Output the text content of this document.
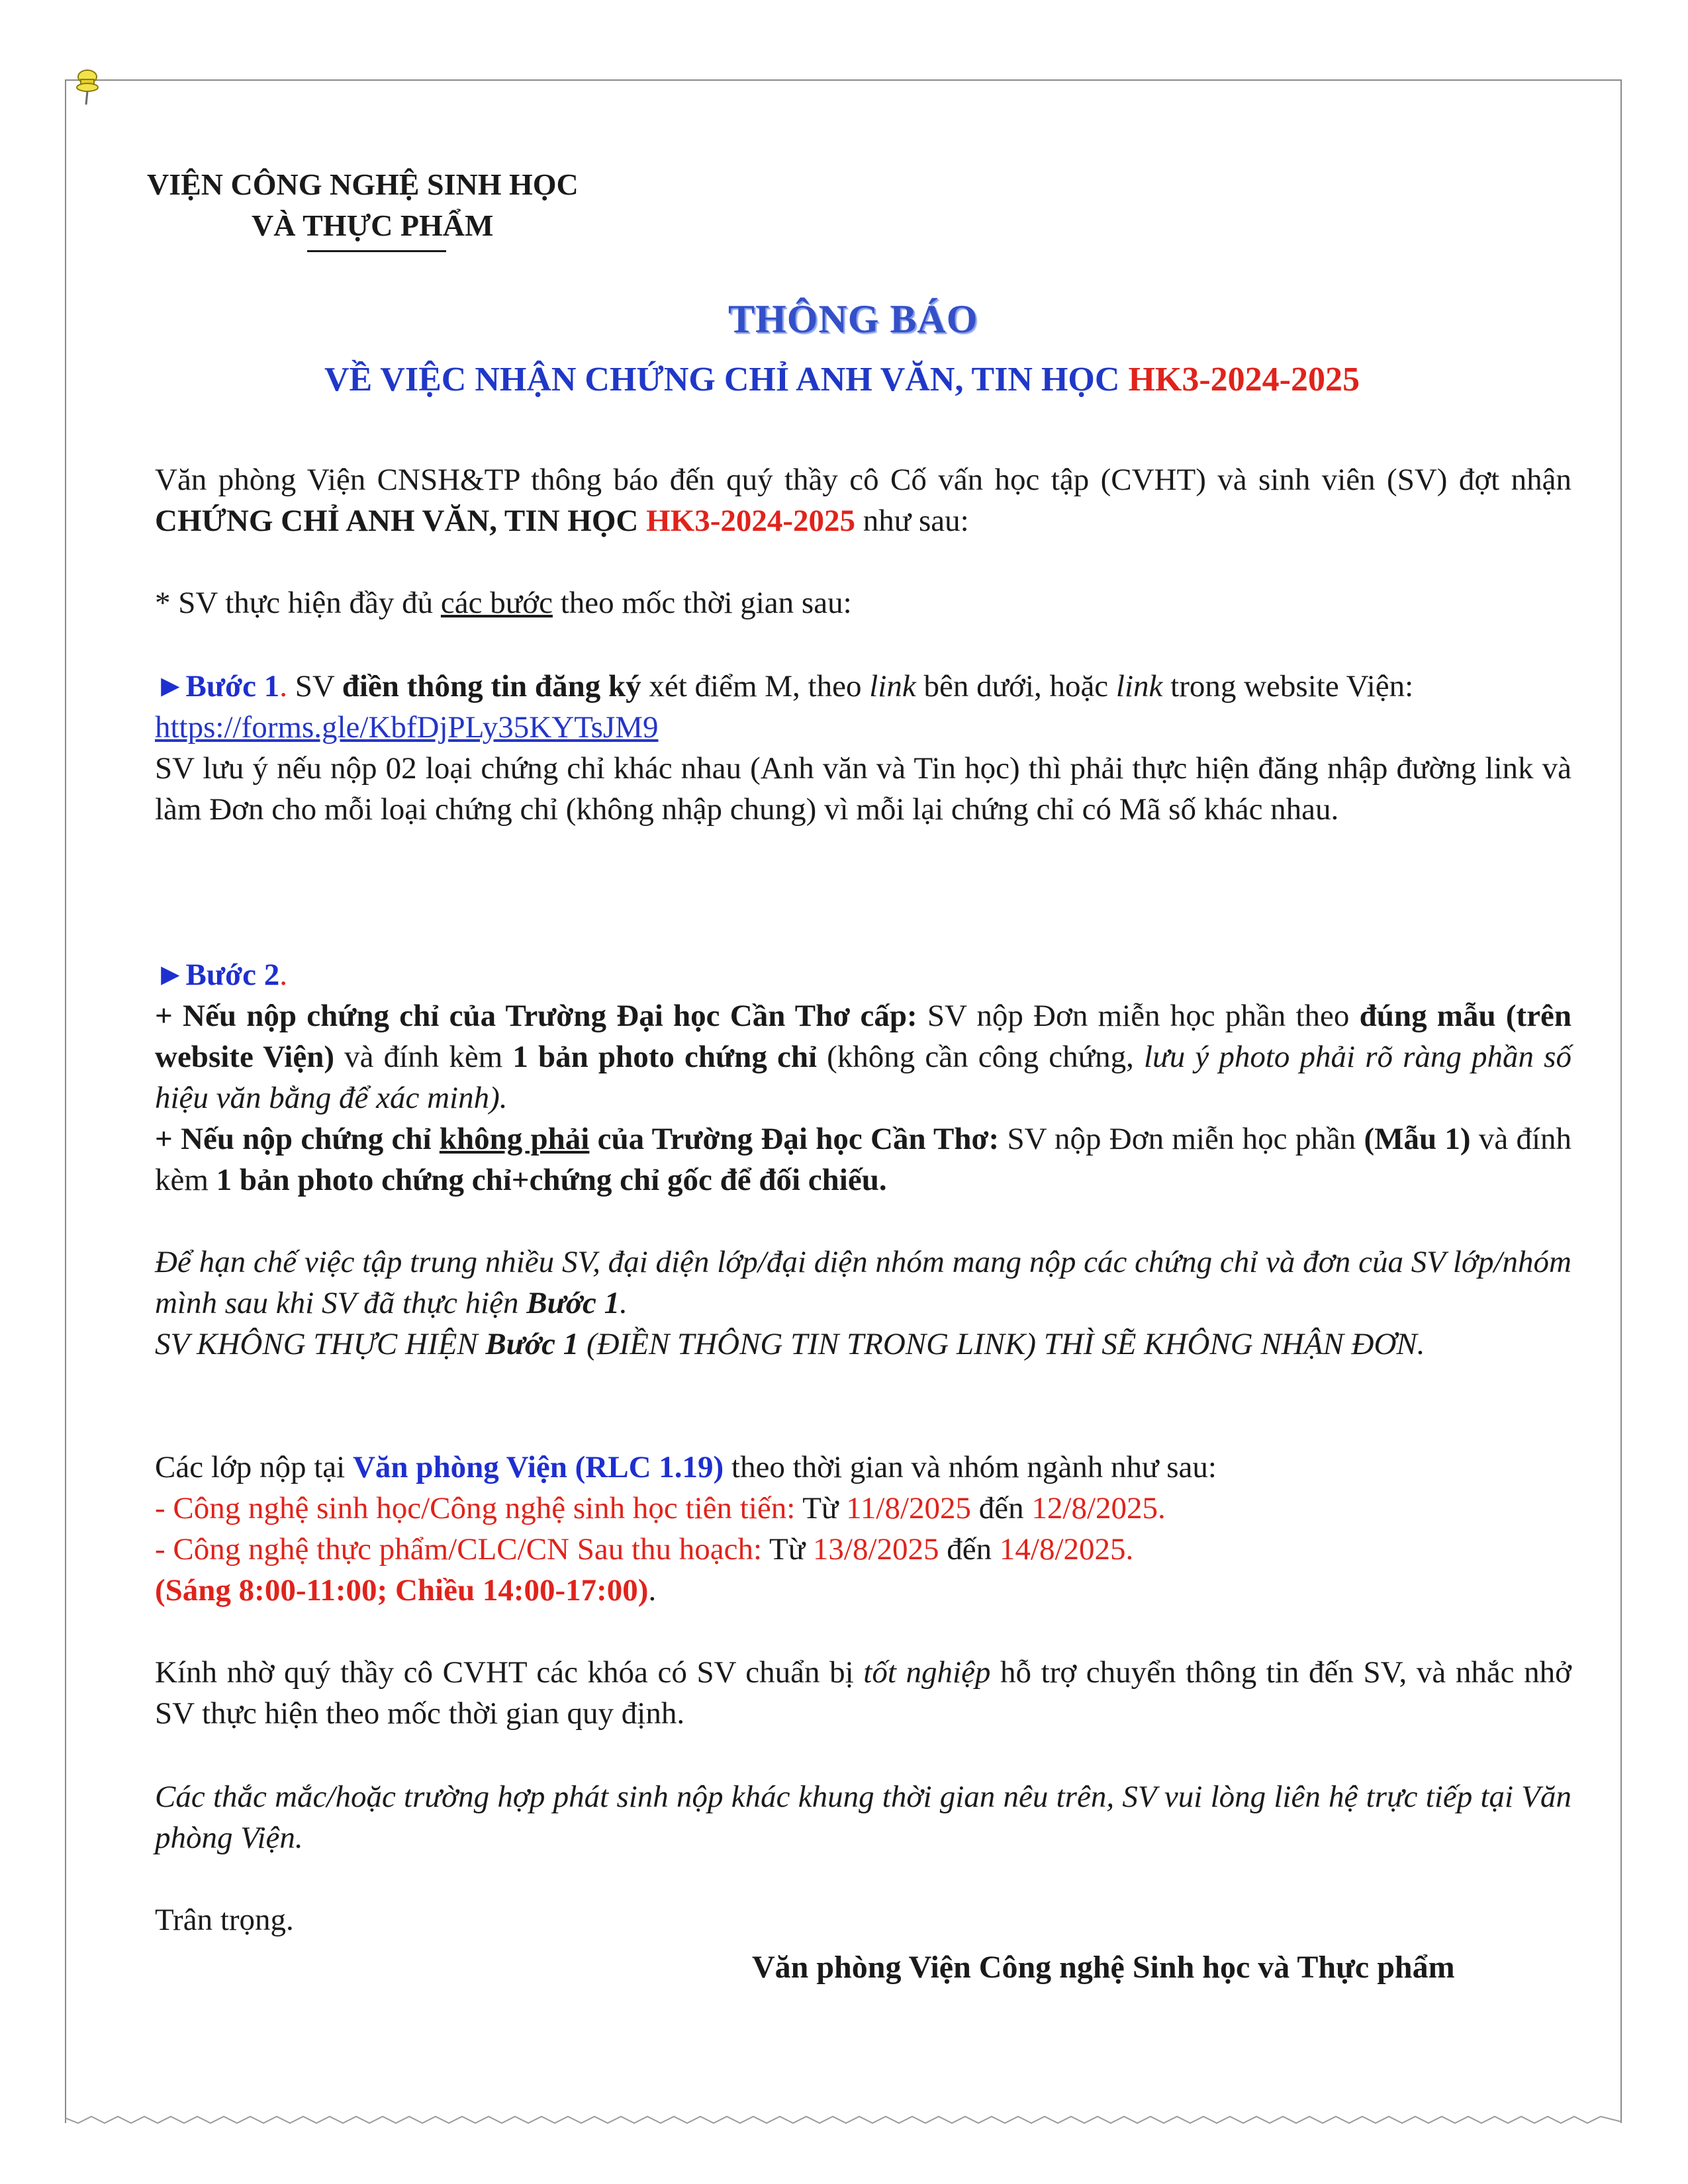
VIỆN CÔNG NGHỆ SINH HỌC
VÀ THỰC PHẨM
THÔNG BÁO
VỀ VIỆC NHẬN CHỨNG CHỈ ANH VĂN, TIN HỌC HK3-2024-2025

Văn phòng Viện CNSH&TP thông báo đến quý thầy cô Cố vấn học tập (CVHT) và sinh viên (SV) đợt nhận CHỨNG CHỈ ANH VĂN, TIN HỌC HK3-2024-2025 như sau:

* SV thực hiện đầy đủ các bước theo mốc thời gian sau:

►Bước 1. SV điền thông tin đăng ký xét điểm M, theo link bên dưới, hoặc link trong website Viện:

https://forms.gle/KbfDjPLy35KYTsJM9

SV lưu ý nếu nộp 02 loại chứng chỉ khác nhau (Anh văn và Tin học) thì phải thực hiện đăng nhập đường link và làm Đơn cho mỗi loại chứng chỉ (không nhập chung) vì mỗi lại chứng chỉ có Mã số khác nhau.

►Bước 2.

+ Nếu nộp chứng chỉ của Trường Đại học Cần Thơ cấp: SV nộp Đơn miễn học phần theo đúng mẫu (trên website Viện) và đính kèm 1 bản photo chứng chỉ (không cần công chứng, lưu ý photo phải rõ ràng phần số hiệu văn bằng để xác minh).

+ Nếu nộp chứng chỉ không phải của Trường Đại học Cần Thơ: SV nộp Đơn miễn học phần (Mẫu 1) và đính kèm 1 bản photo chứng chỉ+chứng chỉ gốc để đối chiếu.

Để hạn chế việc tập trung nhiều SV, đại diện lớp/đại diện nhóm mang nộp các chứng chỉ và đơn của SV lớp/nhóm mình sau khi SV đã thực hiện Bước 1.

SV KHÔNG THỰC HIỆN Bước 1 (ĐIỀN THÔNG TIN TRONG LINK) THÌ SẼ KHÔNG NHẬN ĐƠN.

Các lớp nộp tại Văn phòng Viện (RLC 1.19) theo thời gian và nhóm ngành như sau:

- Công nghệ sinh học/Công nghệ sinh học tiên tiến: Từ 11/8/2025 đến 12/8/2025.

- Công nghệ thực phẩm/CLC/CN Sau thu hoạch: Từ 13/8/2025 đến 14/8/2025.

(Sáng 8:00-11:00; Chiều 14:00-17:00).

Kính nhờ quý thầy cô CVHT các khóa có SV chuẩn bị tốt nghiệp hỗ trợ chuyển thông tin đến SV, và nhắc nhở SV thực hiện theo mốc thời gian quy định.

Các thắc mắc/hoặc trường hợp phát sinh nộp khác khung thời gian nêu trên, SV vui lòng liên hệ trực tiếp tại Văn phòng Viện.

Trân trọng.

Văn phòng Viện Công nghệ Sinh học và Thực phẩm
